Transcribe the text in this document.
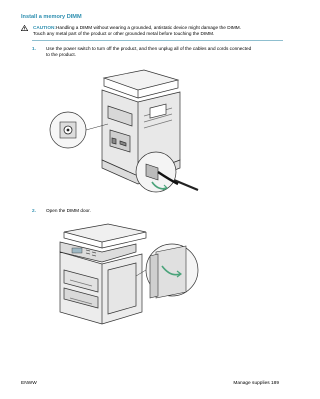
Install a memory DIMM
CAUTION: Handling a DIMM without wearing a grounded, antistatic device might damage the DIMM.
Touch any metal part of the product or other grounded metal before touching the DIMM.
1. Use the power switch to turn off the product, and then unplug all of the cables and cords connected
to the product.
2. Open the DIMM door.
ENWW	Manage supplies 189
